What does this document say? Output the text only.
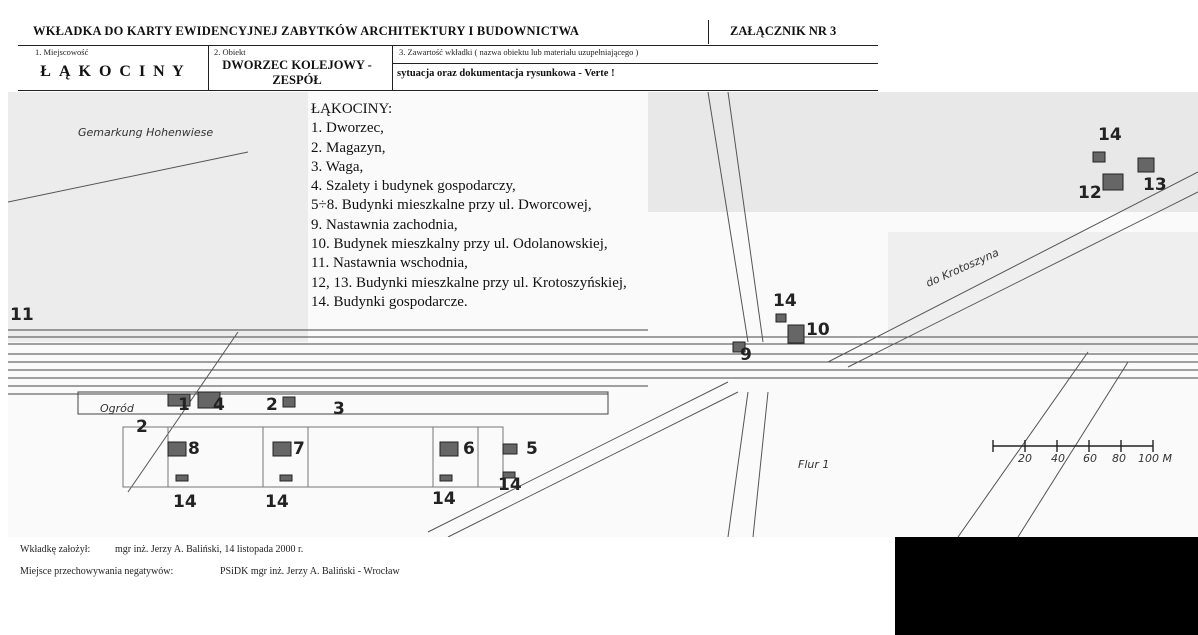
WKŁADKA DO KARTY EWIDENCYJNEJ ZABYTKÓW ARCHITEKTURY I BUDOWNICTWA	ZAŁĄCZNIK NR 3
1. Miejscowość
Ł Ą K O C I N Y
2. Obiekt
DWORZEC KOLEJOWY -
ZESPÓŁ
3. Zawartość wkładki ( nazwa obiektu lub materiału uzupełniającego )
sytuacja oraz dokumentacja rysunkowa - Verte !
Gemarkung Hohenwiese
do Krotoszyna
Ogród
Flur 1	20 40 60 80 100 M
11
1	2
2
3
4
5
6
7
8
9
10
12 13
14
14
14	14	14
14
ŁĄKOCINY:
1. Dworzec,
2. Magazyn,
3. Waga,
4. Szalety i budynek gospodarczy,
5÷8. Budynki mieszkalne przy ul. Dworcowej,
9. Nastawnia zachodnia,
10. Budynek mieszkalny przy ul. Odolanowskiej,
11. Nastawnia wschodnia,
12, 13. Budynki mieszkalne przy ul. Krotoszyńskiej,
14. Budynki gospodarcze.
Wkładkę założył: mgr inż. Jerzy A. Baliński, 14 listopada 2000 r.
Miejsce przechowywania negatywów:	PSiDK mgr inż. Jerzy A. Baliński - Wrocław
